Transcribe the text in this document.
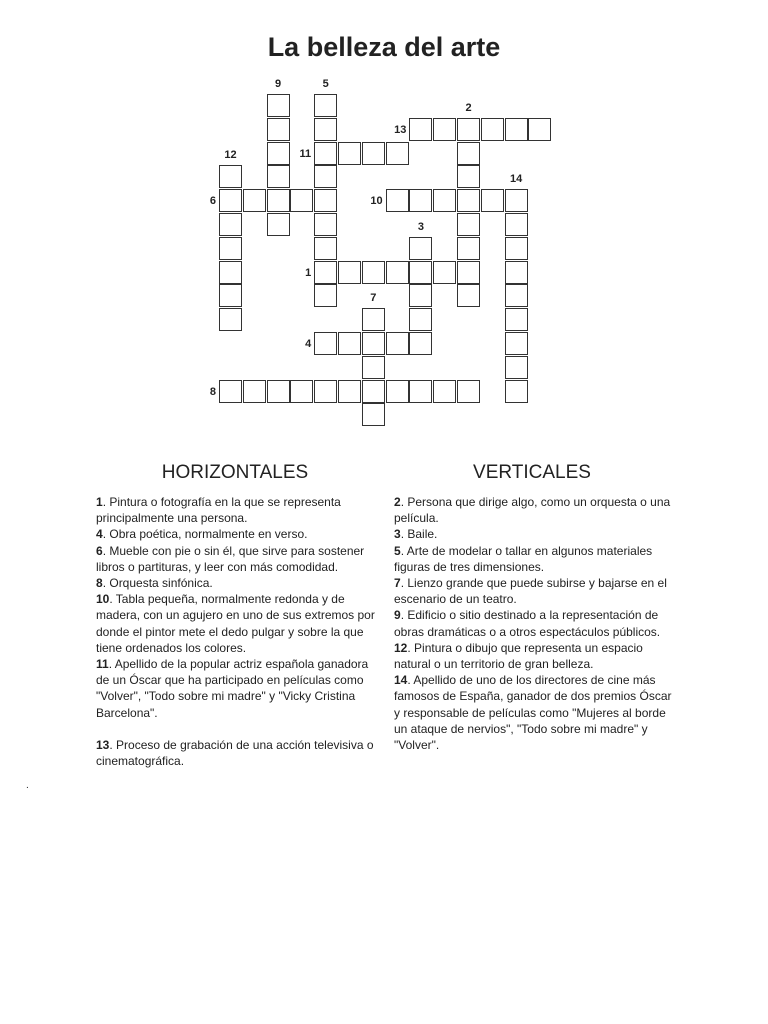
La belleza del arte
1
4
6
8
10
11
13
2
3
5
7
9
12
14
HORIZONTALES	VERTICALES

1. Pintura o fotografía en la que se representa principalmente una persona.

4. Obra poética, normalmente en verso.

6. Mueble con pie o sin él, que sirve para sostener libros o partituras, y leer con más comodidad.

8. Orquesta sinfónica.

10. Tabla pequeña, normalmente redonda y de madera, con un agujero en uno de sus extremos por donde el pintor mete el dedo pulgar y sobre la que tiene ordenados los colores.

11. Apellido de la popular actriz española ganadora de un Óscar que ha participado en películas como "Volver", "Todo sobre mi madre" y "Vicky Cristina Barcelona".

13. Proceso de grabación de una acción televisiva o cinematográfica.

2. Persona que dirige algo, como un orquesta o una película.

3. Baile.

5. Arte de modelar o tallar en algunos materiales figuras de tres dimensiones.

7. Lienzo grande que puede subirse y bajarse en el escenario de un teatro.

9. Edificio o sitio destinado a la representación de obras dramáticas o a otros espectáculos públicos.

12. Pintura o dibujo que representa un espacio natural o un territorio de gran belleza.

14. Apellido de uno de los directores de cine más famosos de España, ganador de dos premios Óscar y responsable de películas como "Mujeres al borde un ataque de nervios", "Todo sobre mi madre" y "Volver".

.
